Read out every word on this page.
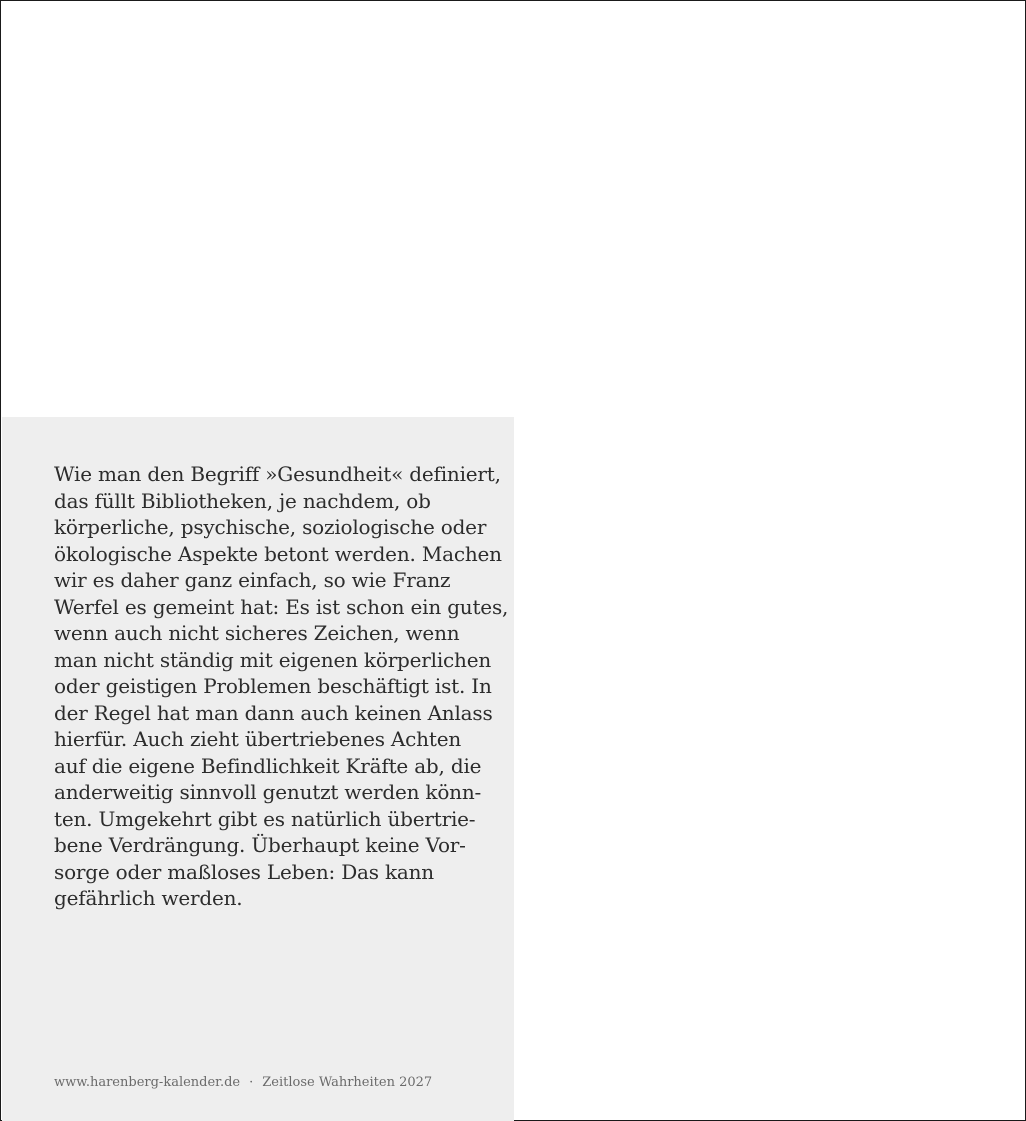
Wie man den Begriff »Gesundheit« definiert,
das füllt Bibliotheken, je nachdem, ob
körperliche, psychische, soziologische oder
ökologische Aspekte betont werden. Machen
wir es daher ganz einfach, so wie Franz
Werfel es gemeint hat: Es ist schon ein gutes,
wenn auch nicht sicheres Zeichen, wenn
man nicht ständig mit eigenen körperlichen
oder geistigen Problemen beschäftigt ist. In
der Regel hat man dann auch keinen Anlass
hierfür. Auch zieht übertriebenes Achten
auf die eigene Befindlichkeit Kräfte ab, die
anderweitig sinnvoll genutzt werden könn-
ten. Umgekehrt gibt es natürlich übertrie-
bene Verdrängung. Überhaupt keine Vor-
sorge oder maßloses Leben: Das kann
gefährlich werden.

www.harenberg-kalender.de · Zeitlose Wahrheiten 2027
